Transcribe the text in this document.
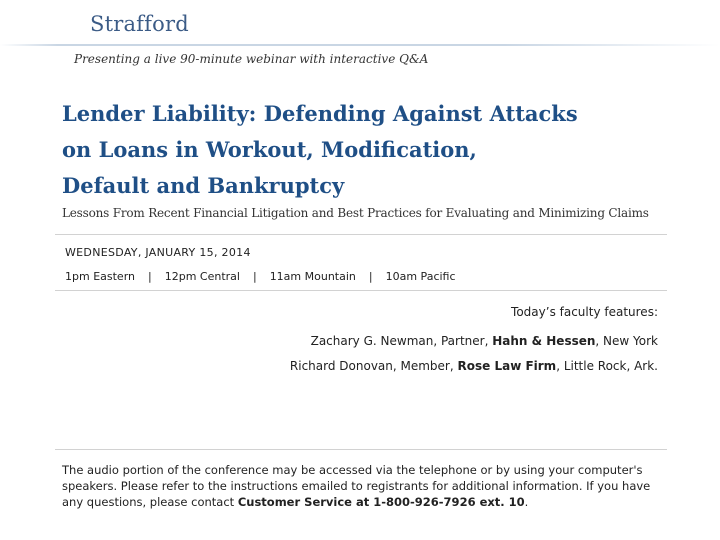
Strafford
Presenting a live 90-minute webinar with interactive Q&A
Lender Liability: Defending Against Attacks
on Loans in Workout, Modification,
Default and Bankruptcy
Lessons From Recent Financial Litigation and Best Practices for Evaluating and Minimizing Claims
WEDNESDAY, JANUARY 15, 2014
1pm Eastern | 12pm Central | 11am Mountain | 10am Pacific
Today’s faculty features:
Zachary G. Newman, Partner, Hahn & Hessen, New York
Richard Donovan, Member, Rose Law Firm, Little Rock, Ark.
The audio portion of the conference may be accessed via the telephone or by using your computer's speakers. Please refer to the instructions emailed to registrants for additional information. If you have any questions, please contact Customer Service at 1-800-926-7926 ext. 10.
